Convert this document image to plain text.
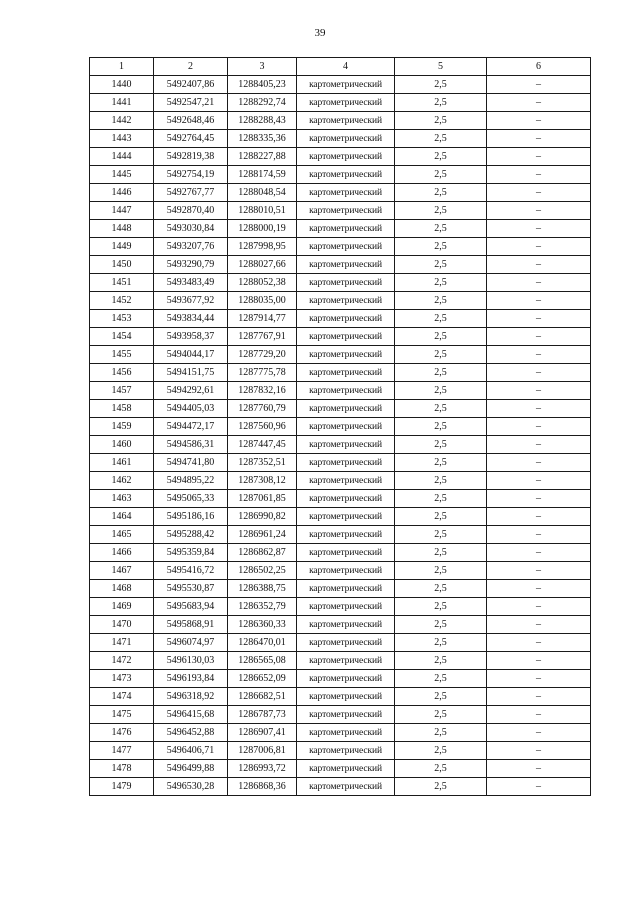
39
1	2	3	4	5	6
1440	5492407,86	1288405,23	картометрический	2,5	–
1441	5492547,21	1288292,74	картометрический	2,5	–
1442	5492648,46	1288288,43	картометрический	2,5	–
1443	5492764,45	1288335,36	картометрический	2,5	–
1444	5492819,38	1288227,88	картометрический	2,5	–
1445	5492754,19	1288174,59	картометрический	2,5	–
1446	5492767,77	1288048,54	картометрический	2,5	–
1447	5492870,40	1288010,51	картометрический	2,5	–
1448	5493030,84	1288000,19	картометрический	2,5	–
1449	5493207,76	1287998,95	картометрический	2,5	–
1450	5493290,79	1288027,66	картометрический	2,5	–
1451	5493483,49	1288052,38	картометрический	2,5	–
1452	5493677,92	1288035,00	картометрический	2,5	–
1453	5493834,44	1287914,77	картометрический	2,5	–
1454	5493958,37	1287767,91	картометрический	2,5	–
1455	5494044,17	1287729,20	картометрический	2,5	–
1456	5494151,75	1287775,78	картометрический	2,5	–
1457	5494292,61	1287832,16	картометрический	2,5	–
1458	5494405,03	1287760,79	картометрический	2,5	–
1459	5494472,17	1287560,96	картометрический	2,5	–
1460	5494586,31	1287447,45	картометрический	2,5	–
1461	5494741,80	1287352,51	картометрический	2,5	–
1462	5494895,22	1287308,12	картометрический	2,5	–
1463	5495065,33	1287061,85	картометрический	2,5	–
1464	5495186,16	1286990,82	картометрический	2,5	–
1465	5495288,42	1286961,24	картометрический	2,5	–
1466	5495359,84	1286862,87	картометрический	2,5	–
1467	5495416,72	1286502,25	картометрический	2,5	–
1468	5495530,87	1286388,75	картометрический	2,5	–
1469	5495683,94	1286352,79	картометрический	2,5	–
1470	5495868,91	1286360,33	картометрический	2,5	–
1471	5496074,97	1286470,01	картометрический	2,5	–
1472	5496130,03	1286565,08	картометрический	2,5	–
1473	5496193,84	1286652,09	картометрический	2,5	–
1474	5496318,92	1286682,51	картометрический	2,5	–
1475	5496415,68	1286787,73	картометрический	2,5	–
1476	5496452,88	1286907,41	картометрический	2,5	–
1477	5496406,71	1287006,81	картометрический	2,5	–
1478	5496499,88	1286993,72	картометрический	2,5	–
1479	5496530,28	1286868,36	картометрический	2,5	–
